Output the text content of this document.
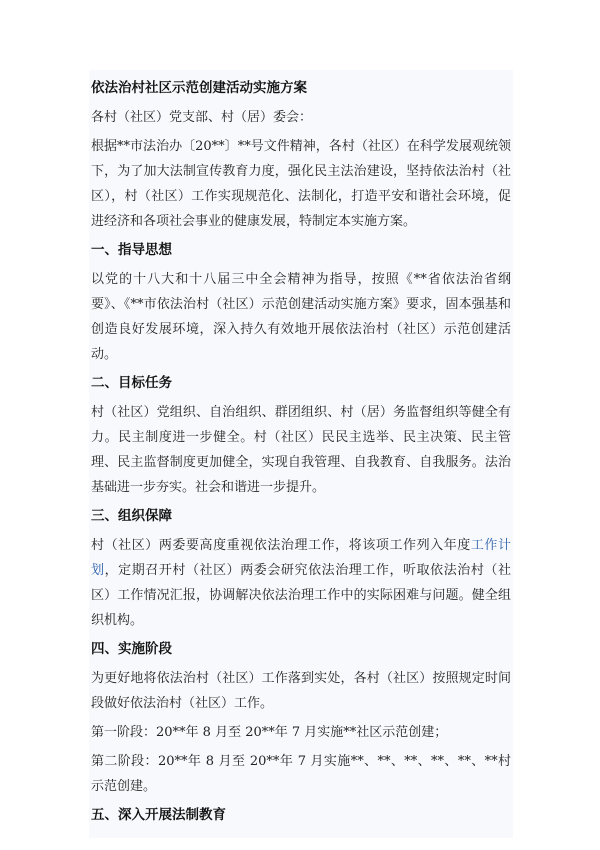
依法治村社区示范创建活动实施方案

各村（社区）党支部、村（居）委会：

根据**市法治办〔20**〕**号文件精神，各村（社区）在科学发展观统领下，为了加大法制宣传教育力度，强化民主法治建设，坚持依法治村（社区），村（社区）工作实现规范化、法制化，打造平安和谐社会环境，促进经济和各项社会事业的健康发展，特制定本实施方案。

一、指导思想

以党的十八大和十八届三中全会精神为指导，按照《**省依法治省纲要》、《**市依法治村（社区）示范创建活动实施方案》要求，固本强基和创造良好发展环境，深入持久有效地开展依法治村（社区）示范创建活动。

二、目标任务

村（社区）党组织、自治组织、群团组织、村（居）务监督组织等健全有力。民主制度进一步健全。村（社区）民民主选举、民主决策、民主管理、民主监督制度更加健全，实现自我管理、自我教育、自我服务。法治基础进一步夯实。社会和谐进一步提升。

三、组织保障

村（社区）两委要高度重视依法治理工作，将该项工作列入年度工作计划，定期召开村（社区）两委会研究依法治理工作，听取依法治村（社区）工作情况汇报，协调解决依法治理工作中的实际困难与问题。健全组织机构。

四、实施阶段

为更好地将依法治村（社区）工作落到实处，各村（社区）按照规定时间段做好依法治村（社区）工作。

第一阶段：20**年 8 月至 20**年 7 月实施**社区示范创建；

第二阶段：20**年 8 月至 20**年 7 月实施**、**、**、**、**、**村示范创建。

五、深入开展法制教育
